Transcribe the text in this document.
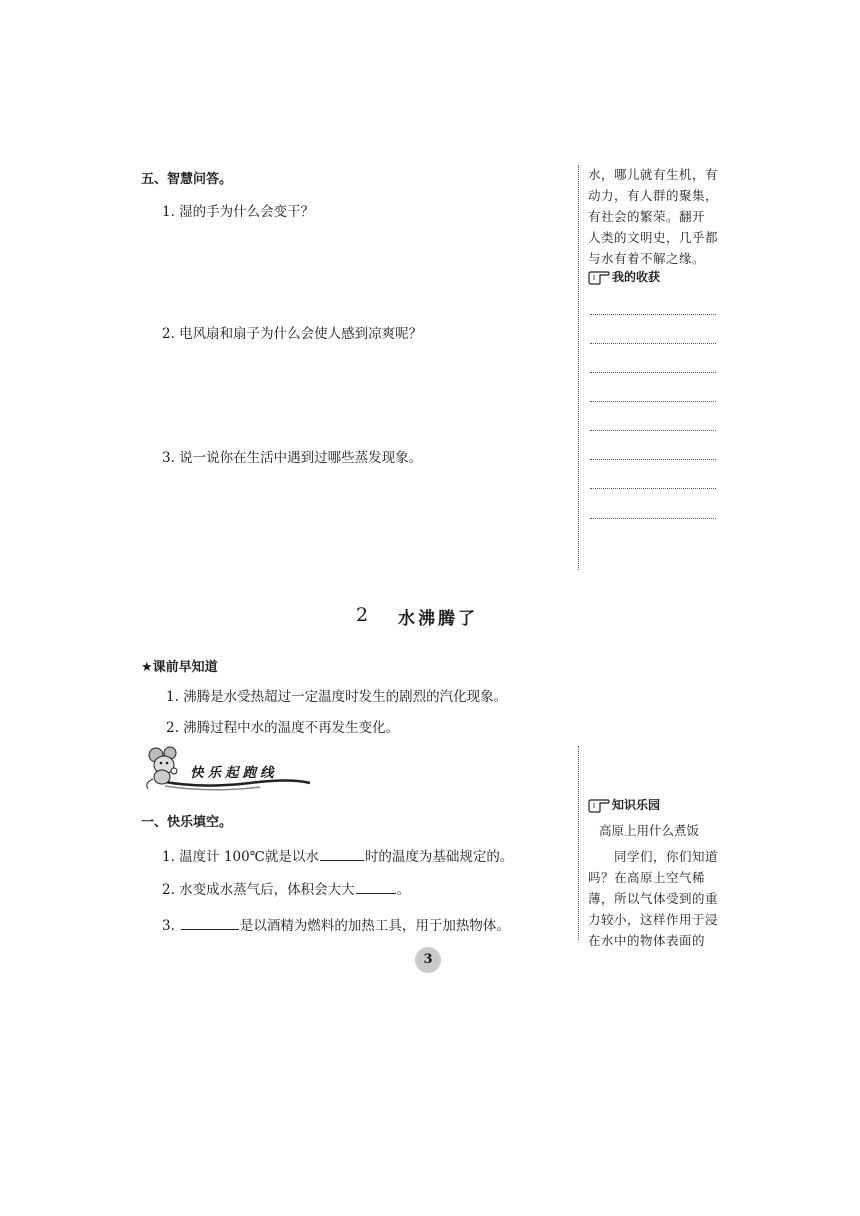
五、智慧问答。
1. 湿的手为什么会变干？
2. 电风扇和扇子为什么会使人感到凉爽呢？
3. 说一说你在生活中遇到过哪些蒸发现象。
水，哪儿就有生机，有
动力，有人群的聚集，
有社会的繁荣。翻开
人类的文明史，几乎都
与水有着不解之缘。
我的收获
2 水沸腾了
★课前早知道
1. 沸腾是水受热超过一定温度时发生的剧烈的汽化现象。
2. 沸腾过程中水的温度不再发生变化。
快乐起跑线
一、快乐填空。
1. 温度计 100℃就是以水	时的温度为基础规定的。
2. 水变成水蒸气后，体积会大大	。
3.	是以酒精为燃料的加热工具，用于加热物体。
知识乐园
高原上用什么煮饭
同学们，你们知道
吗？在高原上空气稀
薄，所以气体受到的重
力较小，这样作用于浸
在水中的物体表面的
3
